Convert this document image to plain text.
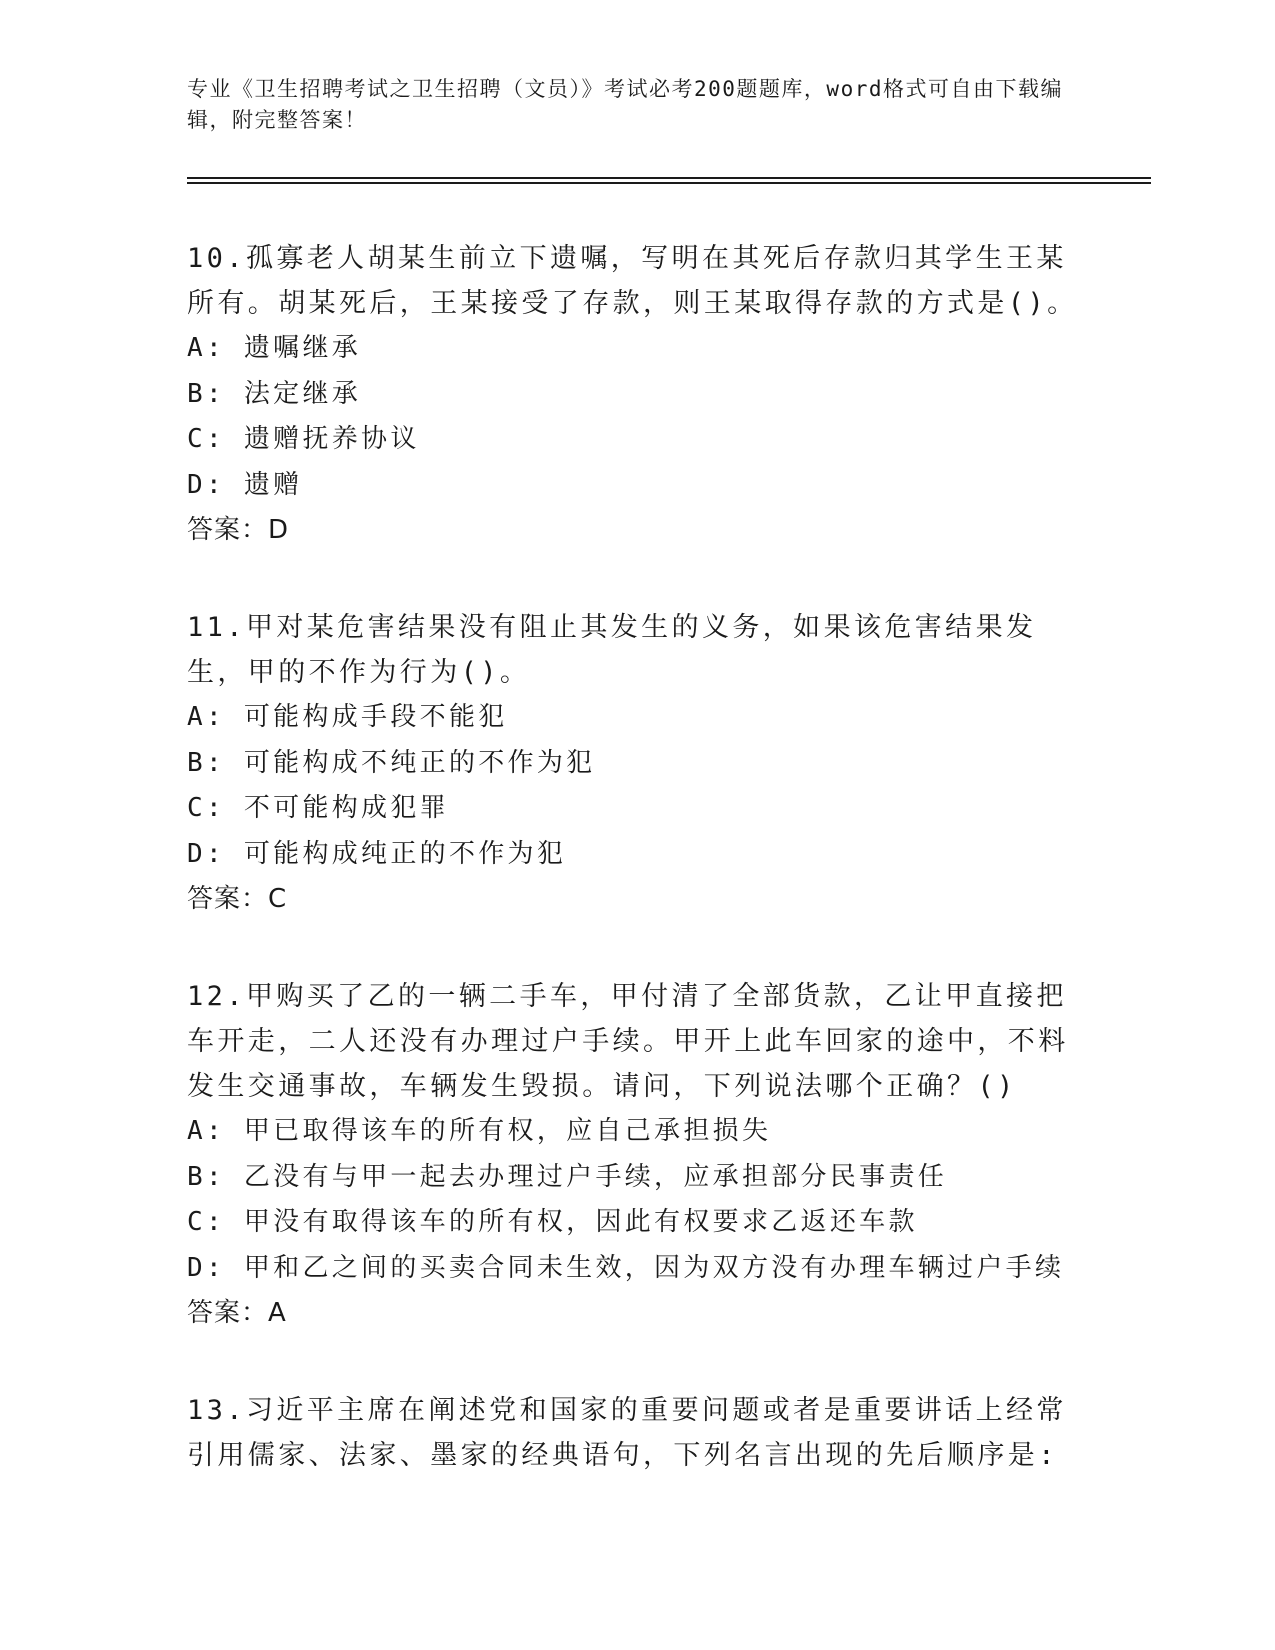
专业《卫生招聘考试之卫生招聘（文员）》考试必考200题题库，word格式可自由下载编辑，附完整答案！
10.孤寡老人胡某生前立下遗嘱，写明在其死后存款归其学生王某所有。胡某死后，王某接受了存款，则王某取得存款的方式是()。
A: 遗嘱继承
B: 法定继承
C: 遗赠抚养协议
D: 遗赠
答案：D
11.甲对某危害结果没有阻止其发生的义务，如果该危害结果发生，甲的不作为行为()。
A: 可能构成手段不能犯
B: 可能构成不纯正的不作为犯
C: 不可能构成犯罪
D: 可能构成纯正的不作为犯
答案：C
12.甲购买了乙的一辆二手车，甲付清了全部货款，乙让甲直接把车开走，二人还没有办理过户手续。甲开上此车回家的途中，不料发生交通事故，车辆发生毁损。请问，下列说法哪个正确？()
A: 甲已取得该车的所有权，应自己承担损失
B: 乙没有与甲一起去办理过户手续，应承担部分民事责任
C: 甲没有取得该车的所有权，因此有权要求乙返还车款
D: 甲和乙之间的买卖合同未生效，因为双方没有办理车辆过户手续
答案：A
13.习近平主席在阐述党和国家的重要问题或者是重要讲话上经常引用儒家、法家、墨家的经典语句，下列名言出现的先后顺序是:
